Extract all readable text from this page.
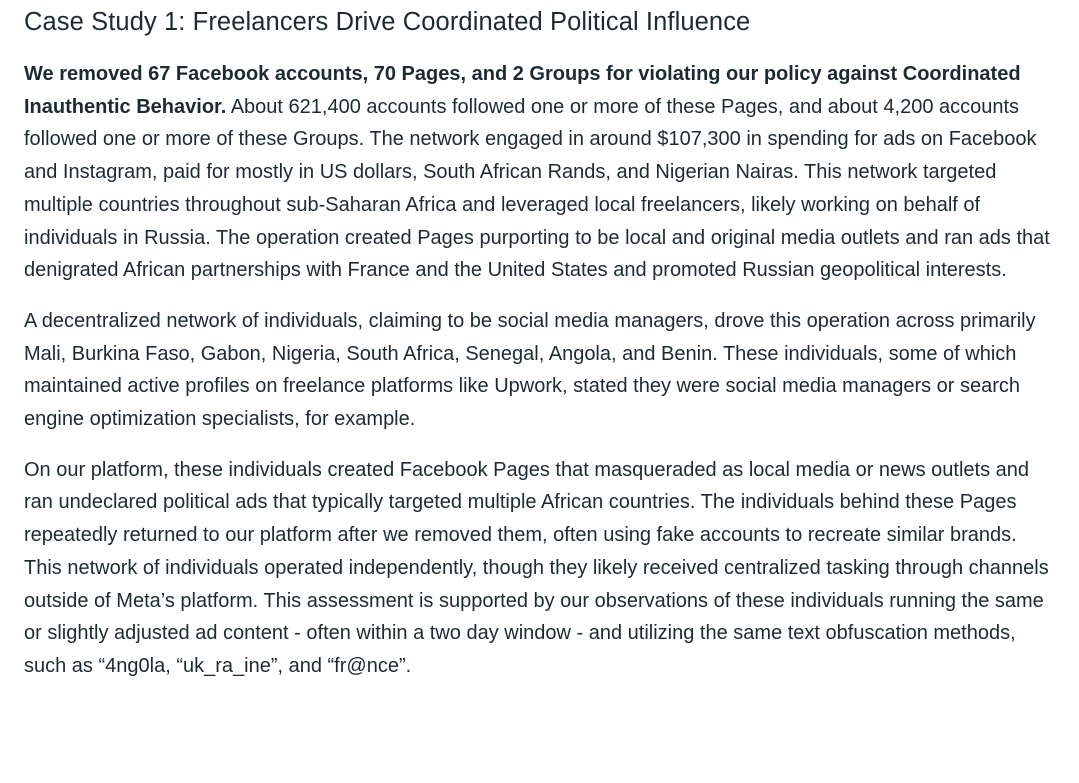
Case Study 1: Freelancers Drive Coordinated Political Influence

We removed 67 Facebook accounts, 70 Pages, and 2 Groups for violating our policy against Coordinated Inauthentic Behavior. About 621,400 accounts followed one or more of these Pages, and about 4,200 accounts followed one or more of these Groups. The network engaged in around $107,300 in spending for ads on Facebook and Instagram, paid for mostly in US dollars, South African Rands, and Nigerian Nairas. This network targeted multiple countries throughout sub-Saharan Africa and leveraged local freelancers, likely working on behalf of individuals in Russia. The operation created Pages purporting to be local and original media outlets and ran ads that denigrated African partnerships with France and the United States and promoted Russian geopolitical interests.

A decentralized network of individuals, claiming to be social media managers, drove this operation across primarily Mali, Burkina Faso, Gabon, Nigeria, South Africa, Senegal, Angola, and Benin. These individuals, some of which maintained active profiles on freelance platforms like Upwork, stated they were social media managers or search engine optimization specialists, for example.

On our platform, these individuals created Facebook Pages that masqueraded as local media or news outlets and ran undeclared political ads that typically targeted multiple African countries. The individuals behind these Pages repeatedly returned to our platform after we removed them, often using fake accounts to recreate similar brands. This network of individuals operated independently, though they likely received centralized tasking through channels outside of Meta’s platform. This assessment is supported by our observations of these individuals running the same or slightly adjusted ad content - often within a two day window - and utilizing the same text obfuscation methods, such as “4ng0la, “uk_ra_ine”, and “fr@nce”.
